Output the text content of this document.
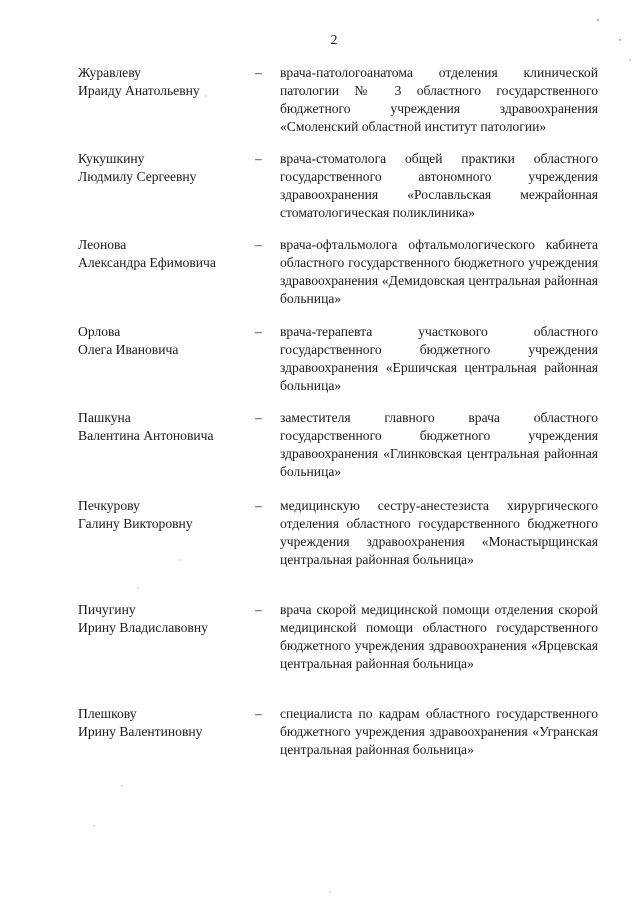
2
Журавлеву
Ираиду Анатольевну
– врача-патологоанатома отделения клинической патологии № 3 областного государственного бюджетного учреждения здравоохранения «Смоленский областной институт патологии»
Кукушкину
Людмилу Сергеевну
– врача-стоматолога общей практики областного государственного автономного учреждения здравоохранения «Рославльская межрайонная стоматологическая поликлиника»
Леонова
Александра Ефимовича
– врача-офтальмолога офтальмологического кабинета областного государственного бюджетного учреждения здравоохранения «Демидовская центральная районная больница»
Орлова
Олега Ивановича
– врача-терапевта участкового областного государственного бюджетного учреждения здравоохранения «Ершичская центральная районная больница»
Пашкуна
Валентина Антоновича
– заместителя главного врача областного государственного бюджетного учреждения здравоохранения «Глинковская центральная районная больница»
Печкурову
Галину Викторовну
– медицинскую сестру-анестезиста хирургического отделения областного государственного бюджетного учреждения здравоохранения «Монастырщинская центральная районная больница»
Пичугину
Ирину Владиславовну
– врача скорой медицинской помощи отделения скорой медицинской помощи областного государственного бюджетного учреждения здравоохранения «Ярцевская центральная районная больница»
Плешкову
Ирину Валентиновну
– специалиста по кадрам областного государственного бюджетного учреждения здравоохранения «Угранская центральная районная больница»
